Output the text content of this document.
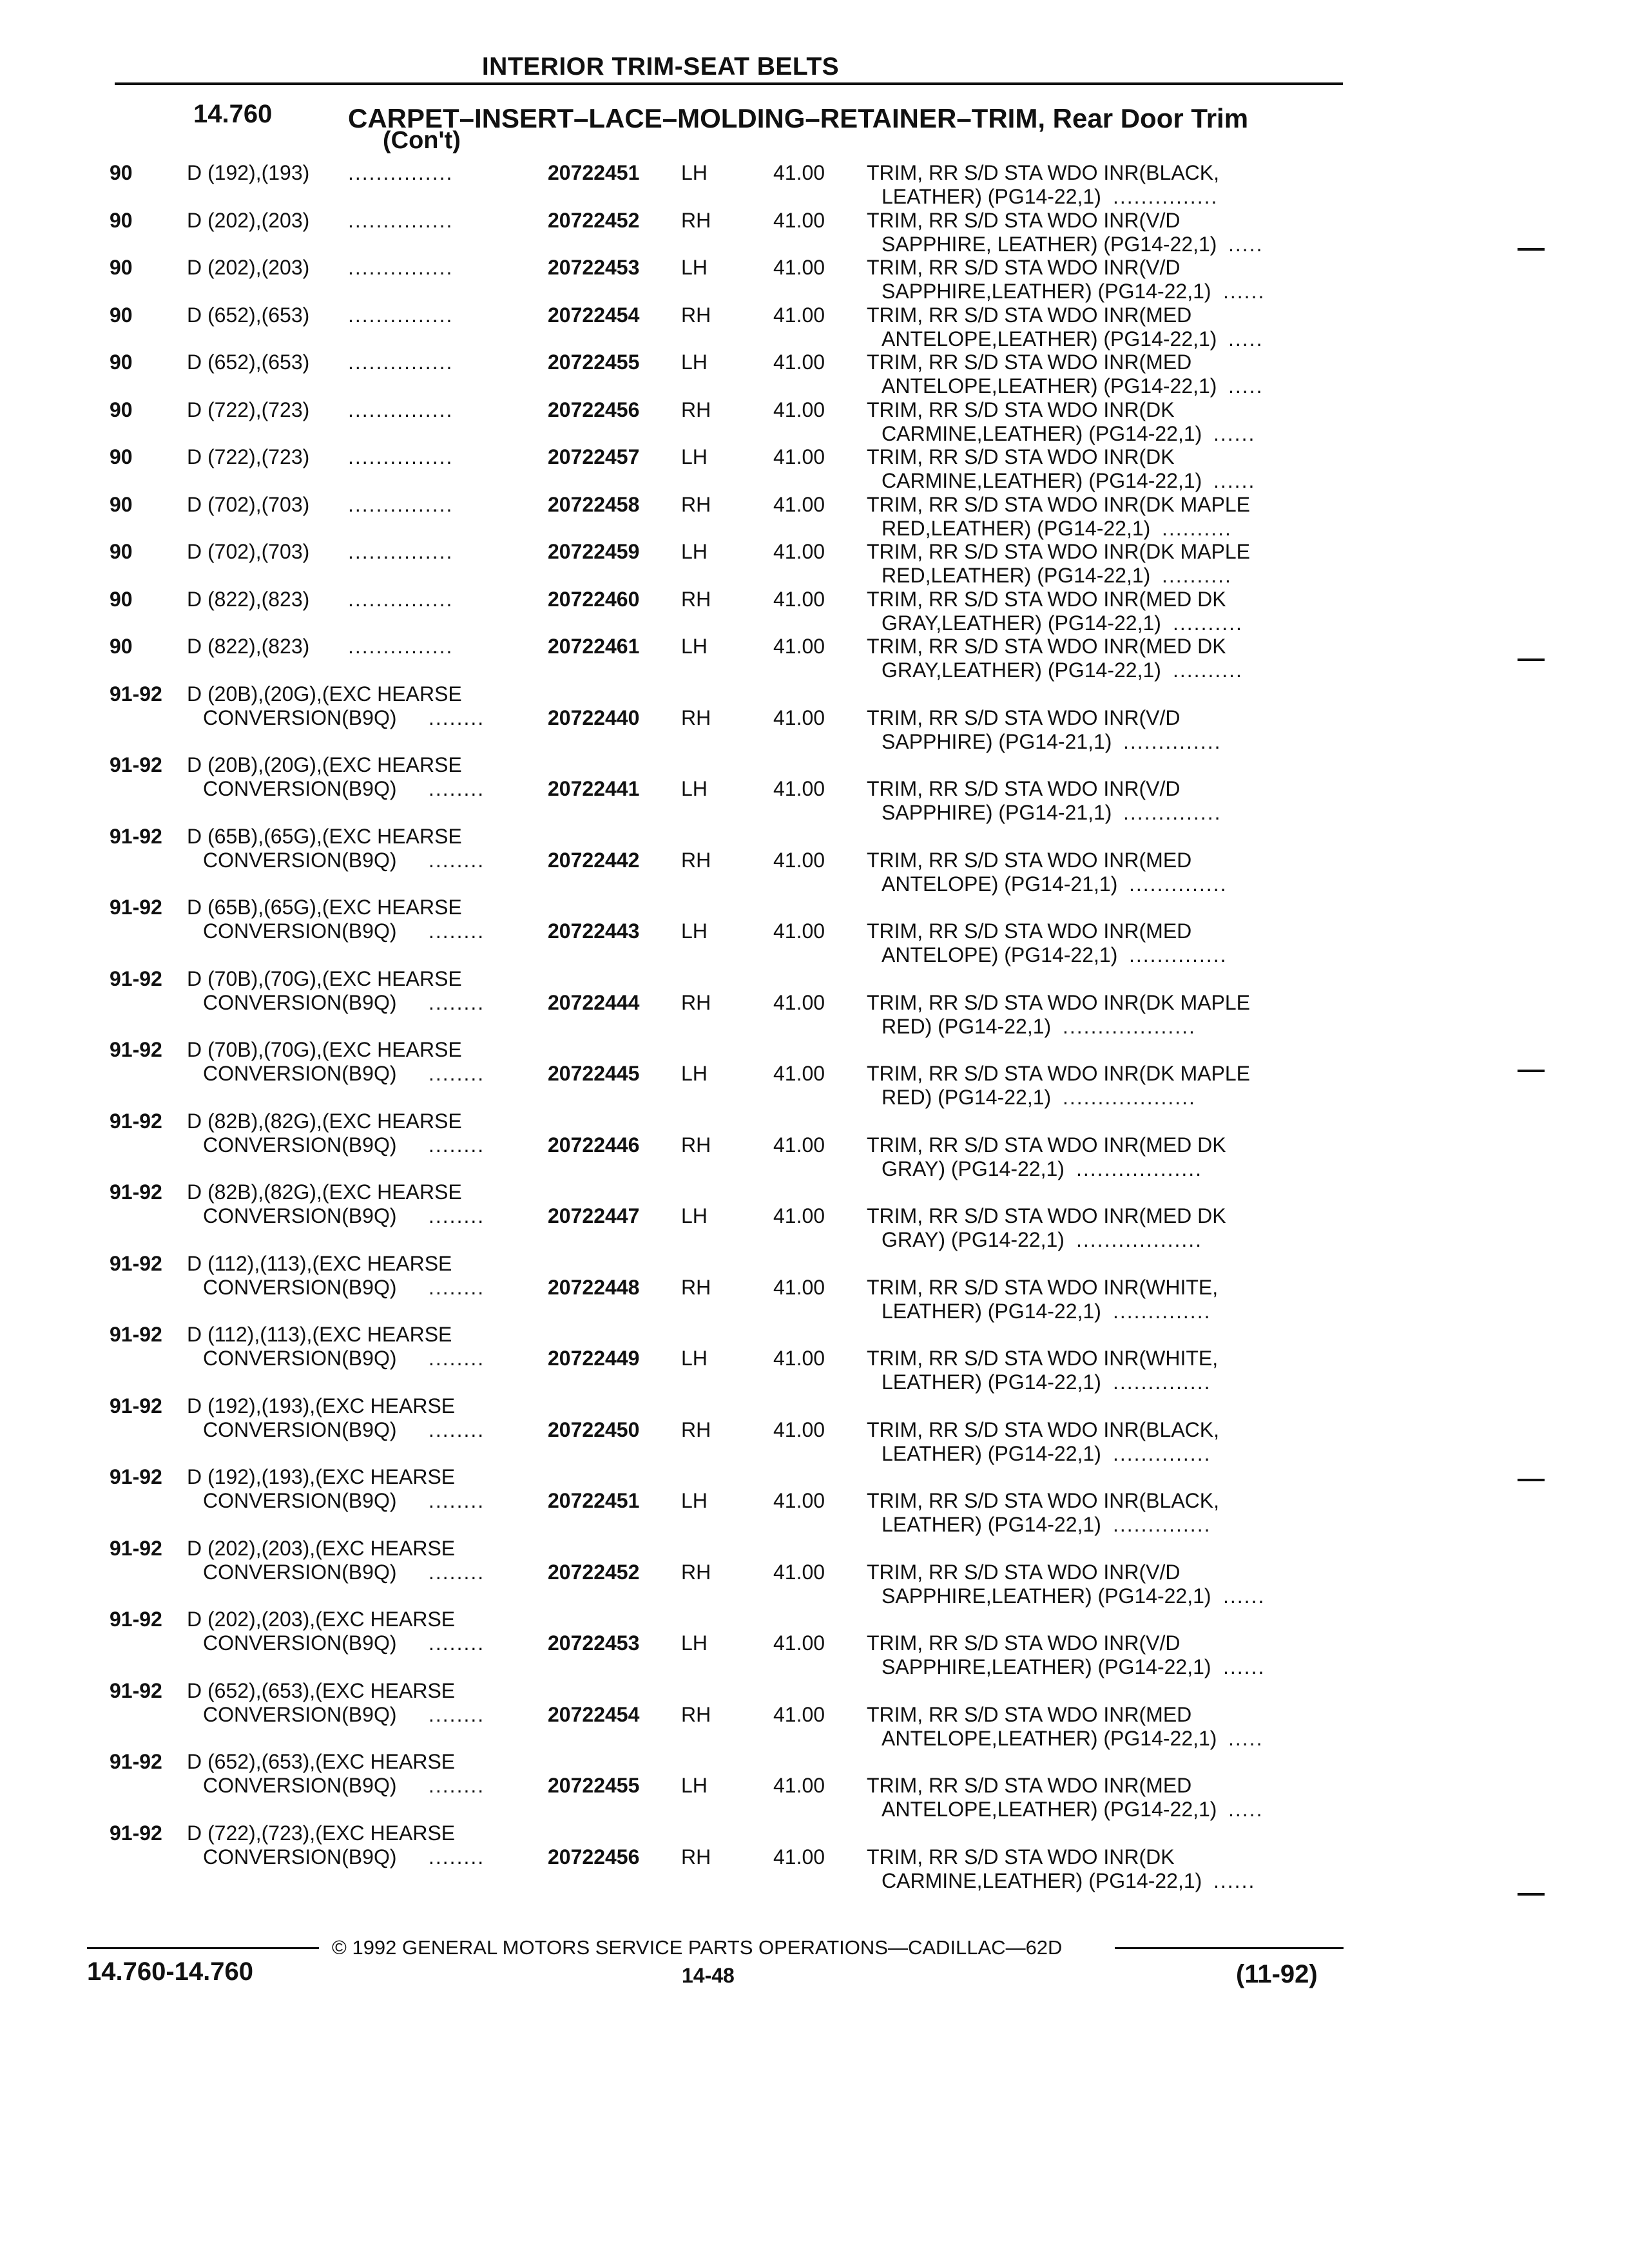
INTERIOR TRIM-SEAT BELTS
14.760	CARPET–INSERT–LACE–MOLDING–RETAINER–TRIM, Rear Door Trim
(Con't)
90	D (192),(193) ...............	20722451 LH	41.00 TRIM, RR S/D STA WDO INR(BLACK,
LEATHER) (PG14-22,1) ...............
90	D (202),(203) ...............	20722452 RH	41.00 TRIM, RR S/D STA WDO INR(V/D
SAPPHIRE, LEATHER) (PG14-22,1) .....
90	D (202),(203) ...............	20722453 LH	41.00 TRIM, RR S/D STA WDO INR(V/D
SAPPHIRE,LEATHER) (PG14-22,1) ......
90	D (652),(653) ...............	20722454 RH	41.00 TRIM, RR S/D STA WDO INR(MED
ANTELOPE,LEATHER) (PG14-22,1) .....
90	D (652),(653) ...............	20722455 LH	41.00 TRIM, RR S/D STA WDO INR(MED
ANTELOPE,LEATHER) (PG14-22,1) .....
90	D (722),(723) ...............	20722456 RH	41.00 TRIM, RR S/D STA WDO INR(DK
CARMINE,LEATHER) (PG14-22,1) ......
90	D (722),(723) ...............	20722457 LH	41.00 TRIM, RR S/D STA WDO INR(DK
CARMINE,LEATHER) (PG14-22,1) ......
90	D (702),(703) ...............	20722458 RH	41.00 TRIM, RR S/D STA WDO INR(DK MAPLE
RED,LEATHER) (PG14-22,1) ..........
90	D (702),(703) ...............	20722459 LH	41.00 TRIM, RR S/D STA WDO INR(DK MAPLE
RED,LEATHER) (PG14-22,1) ..........
90	D (822),(823) ...............	20722460 RH	41.00 TRIM, RR S/D STA WDO INR(MED DK
GRAY,LEATHER) (PG14-22,1) ..........
90	D (822),(823) ...............	20722461 LH	41.00 TRIM, RR S/D STA WDO INR(MED DK
GRAY,LEATHER) (PG14-22,1) ..........
91-92 D (20B),(20G),(EXC HEARSE
CONVERSION(B9Q) ........	20722440 RH	41.00 TRIM, RR S/D STA WDO INR(V/D
SAPPHIRE) (PG14-21,1) ..............
91-92 D (20B),(20G),(EXC HEARSE
CONVERSION(B9Q) ........	20722441 LH	41.00 TRIM, RR S/D STA WDO INR(V/D
SAPPHIRE) (PG14-21,1) ..............
91-92 D (65B),(65G),(EXC HEARSE
CONVERSION(B9Q) ........	20722442 RH	41.00 TRIM, RR S/D STA WDO INR(MED
ANTELOPE) (PG14-21,1) ..............
91-92 D (65B),(65G),(EXC HEARSE
CONVERSION(B9Q) ........	20722443 LH	41.00 TRIM, RR S/D STA WDO INR(MED
ANTELOPE) (PG14-22,1) ..............
91-92 D (70B),(70G),(EXC HEARSE
CONVERSION(B9Q) ........	20722444 RH	41.00 TRIM, RR S/D STA WDO INR(DK MAPLE
RED) (PG14-22,1) ...................
91-92 D (70B),(70G),(EXC HEARSE
CONVERSION(B9Q) ........	20722445 LH	41.00 TRIM, RR S/D STA WDO INR(DK MAPLE
RED) (PG14-22,1) ...................
91-92 D (82B),(82G),(EXC HEARSE
CONVERSION(B9Q) ........	20722446 RH	41.00 TRIM, RR S/D STA WDO INR(MED DK
GRAY) (PG14-22,1) ..................
91-92 D (82B),(82G),(EXC HEARSE
CONVERSION(B9Q) ........	20722447 LH	41.00 TRIM, RR S/D STA WDO INR(MED DK
GRAY) (PG14-22,1) ..................
91-92 D (112),(113),(EXC HEARSE
CONVERSION(B9Q) ........	20722448 RH	41.00 TRIM, RR S/D STA WDO INR(WHITE,
LEATHER) (PG14-22,1) ..............
91-92 D (112),(113),(EXC HEARSE
CONVERSION(B9Q) ........	20722449 LH	41.00 TRIM, RR S/D STA WDO INR(WHITE,
LEATHER) (PG14-22,1) ..............
91-92 D (192),(193),(EXC HEARSE
CONVERSION(B9Q) ........	20722450 RH	41.00 TRIM, RR S/D STA WDO INR(BLACK,
LEATHER) (PG14-22,1) ..............
91-92 D (192),(193),(EXC HEARSE
CONVERSION(B9Q) ........	20722451 LH	41.00 TRIM, RR S/D STA WDO INR(BLACK,
LEATHER) (PG14-22,1) ..............
91-92 D (202),(203),(EXC HEARSE
CONVERSION(B9Q) ........	20722452 RH	41.00 TRIM, RR S/D STA WDO INR(V/D
SAPPHIRE,LEATHER) (PG14-22,1) ......
91-92 D (202),(203),(EXC HEARSE
CONVERSION(B9Q) ........	20722453 LH	41.00 TRIM, RR S/D STA WDO INR(V/D
SAPPHIRE,LEATHER) (PG14-22,1) ......
91-92 D (652),(653),(EXC HEARSE
CONVERSION(B9Q) ........	20722454 RH	41.00 TRIM, RR S/D STA WDO INR(MED
ANTELOPE,LEATHER) (PG14-22,1) .....
91-92 D (652),(653),(EXC HEARSE
CONVERSION(B9Q) ........	20722455 LH	41.00 TRIM, RR S/D STA WDO INR(MED
ANTELOPE,LEATHER) (PG14-22,1) .....
91-92 D (722),(723),(EXC HEARSE
CONVERSION(B9Q) ........	20722456 RH	41.00 TRIM, RR S/D STA WDO INR(DK
CARMINE,LEATHER) (PG14-22,1) ......
© 1992 GENERAL MOTORS SERVICE PARTS OPERATIONS—CADILLAC—62D
14.760-14.760	14-48	(11-92)
